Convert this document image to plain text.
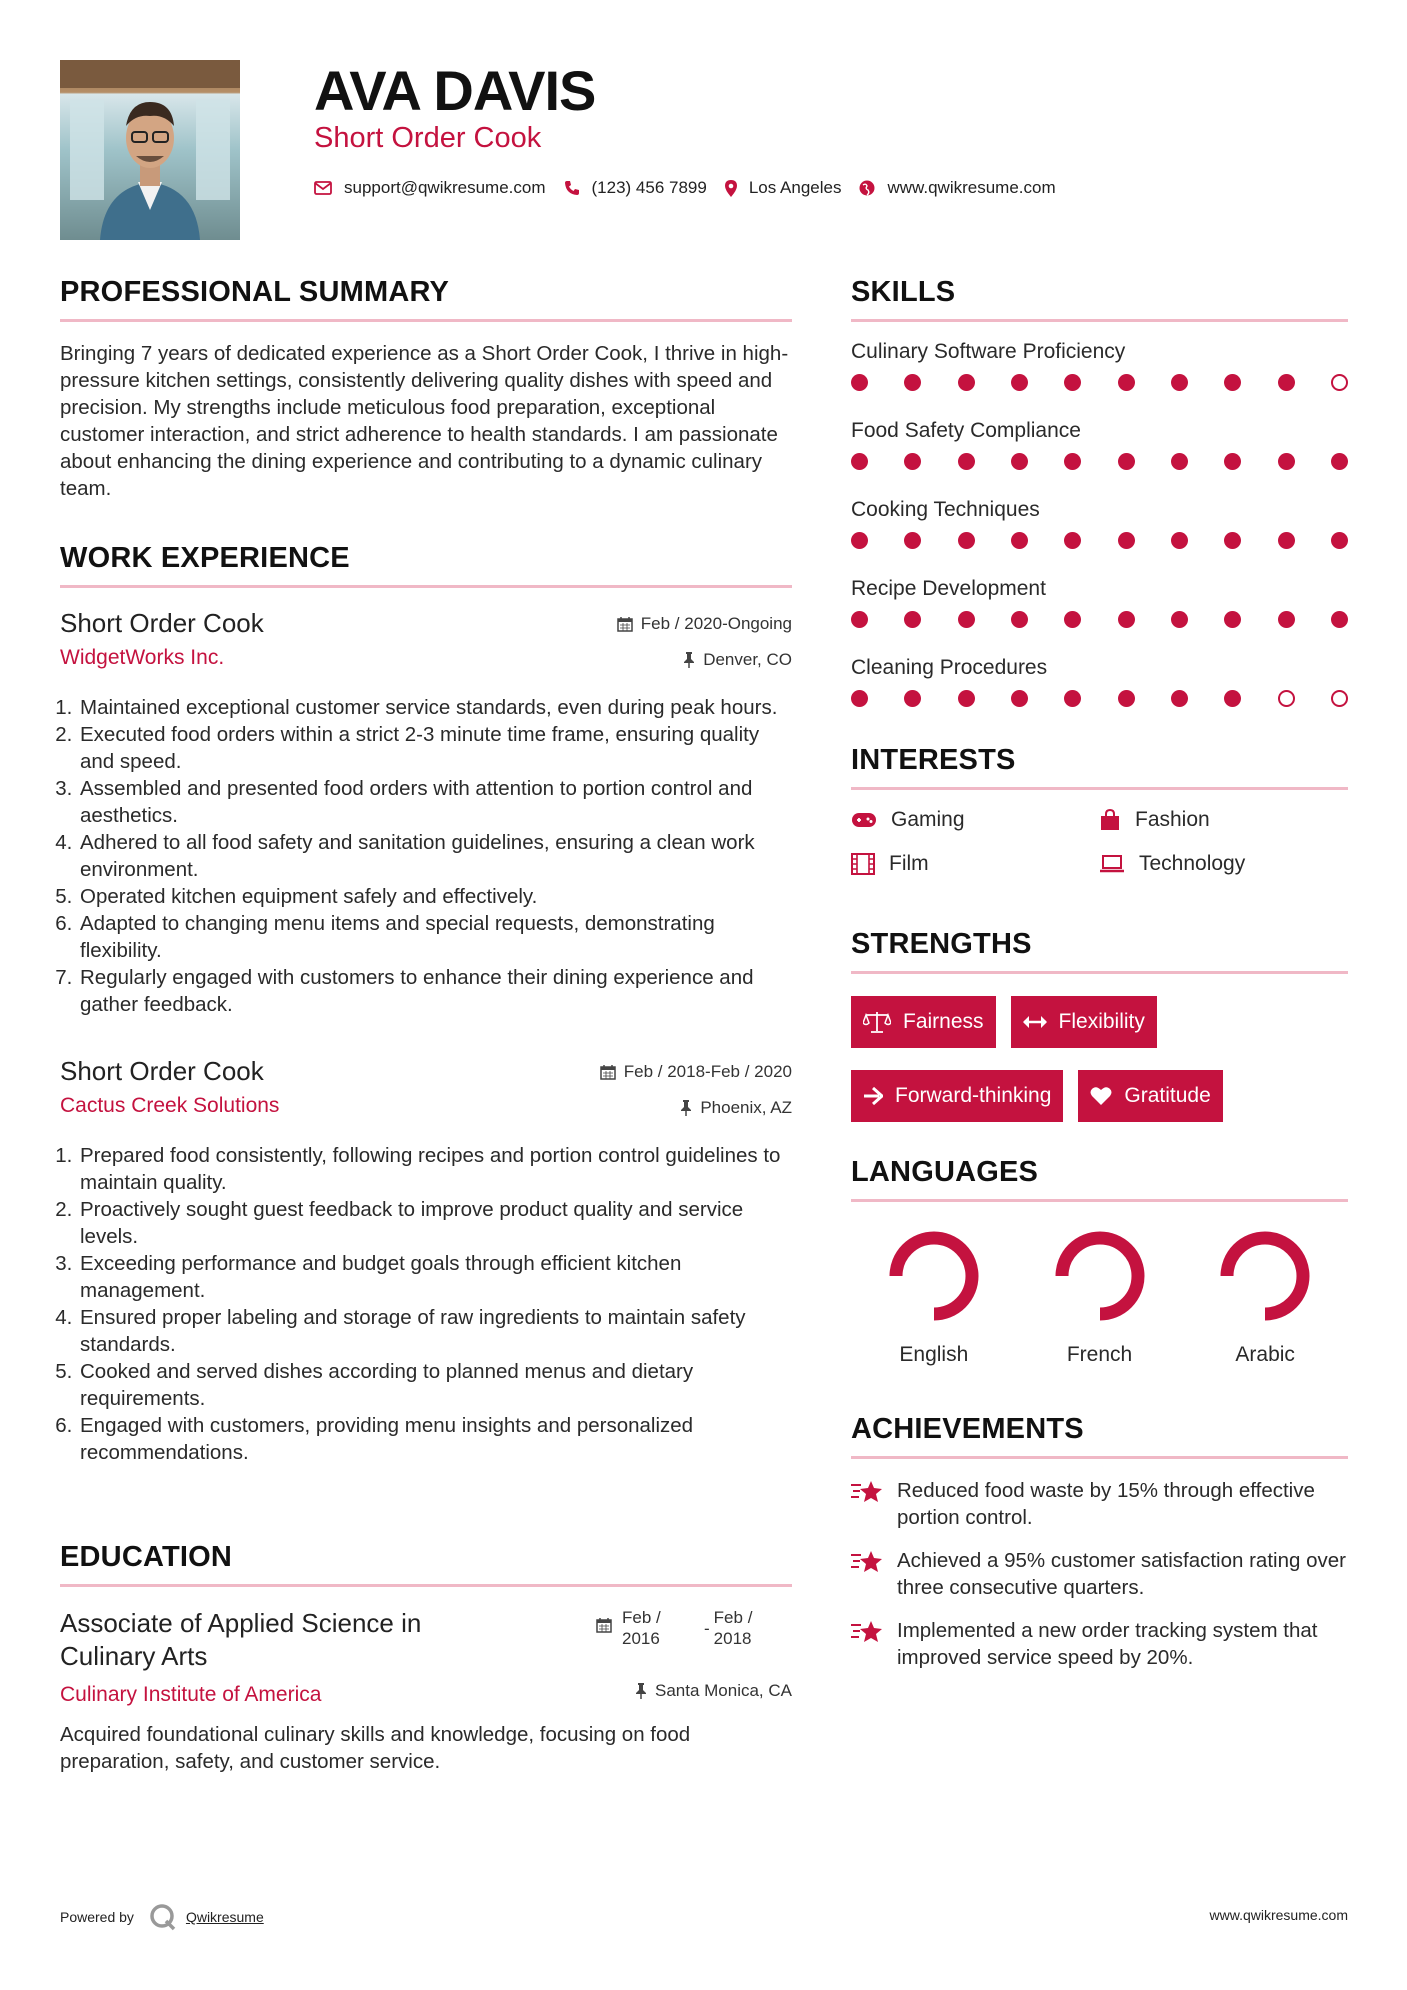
AVA DAVIS
Short Order Cook
support@qwikresume.com	(123) 456 7899 Los Angeles	www.qwikresume.com
PROFESSIONAL SUMMARY

Bringing 7 years of dedicated experience as a Short Order Cook, I thrive in high-pressure kitchen settings, consistently delivering quality dishes with speed and precision. My strengths include meticulous food preparation, exceptional customer interaction, and strict adherence to health standards. I am passionate about enhancing the dining experience and contributing to a dynamic culinary team.

WORK EXPERIENCE
Short Order Cook
WidgetWorks Inc.
Feb / 2020-Ongoing
Denver, CO
1. Maintained exceptional customer service standards, even during peak hours.
2. Executed food orders within a strict 2-3 minute time frame, ensuring quality and speed.
3. Assembled and presented food orders with attention to portion control and aesthetics.
4. Adhered to all food safety and sanitation guidelines, ensuring a clean work environment.
5. Operated kitchen equipment safely and effectively.
6. Adapted to changing menu items and special requests, demonstrating flexibility.
7. Regularly engaged with customers to enhance their dining experience and gather feedback.
Short Order Cook
Cactus Creek Solutions
Feb / 2018-Feb / 2020
Phoenix, AZ
1. Prepared food consistently, following recipes and portion control guidelines to maintain quality.
2. Proactively sought guest feedback to improve product quality and service levels.
3. Exceeding performance and budget goals through efficient kitchen management.
4. Ensured proper labeling and storage of raw ingredients to maintain safety standards.
5. Cooked and served dishes according to planned menus and dietary requirements.
6. Engaged with customers, providing menu insights and personalized recommendations.
EDUCATION
Associate of Applied Science in Culinary Arts
Culinary Institute of America
Feb / 2016
-
Feb / 2018
Santa Monica, CA

Acquired foundational culinary skills and knowledge, focusing on food preparation, safety, and customer service.

SKILLS
Culinary Software Proficiency
Food Safety Compliance
Cooking Techniques
Recipe Development
Cleaning Procedures
INTERESTS
Gaming	Fashion
Film	Technology
STRENGTHS
Fairness	Flexibility
Forward-thinking	Gratitude
LANGUAGES
English	French	Arabic
ACHIEVEMENTS
Reduced food waste by 15% through effective portion control.
Achieved a 95% customer satisfaction rating over three consecutive quarters.
Implemented a new order tracking system that improved service speed by 20%.
Powered by	Qwikresume	www.qwikresume.com
